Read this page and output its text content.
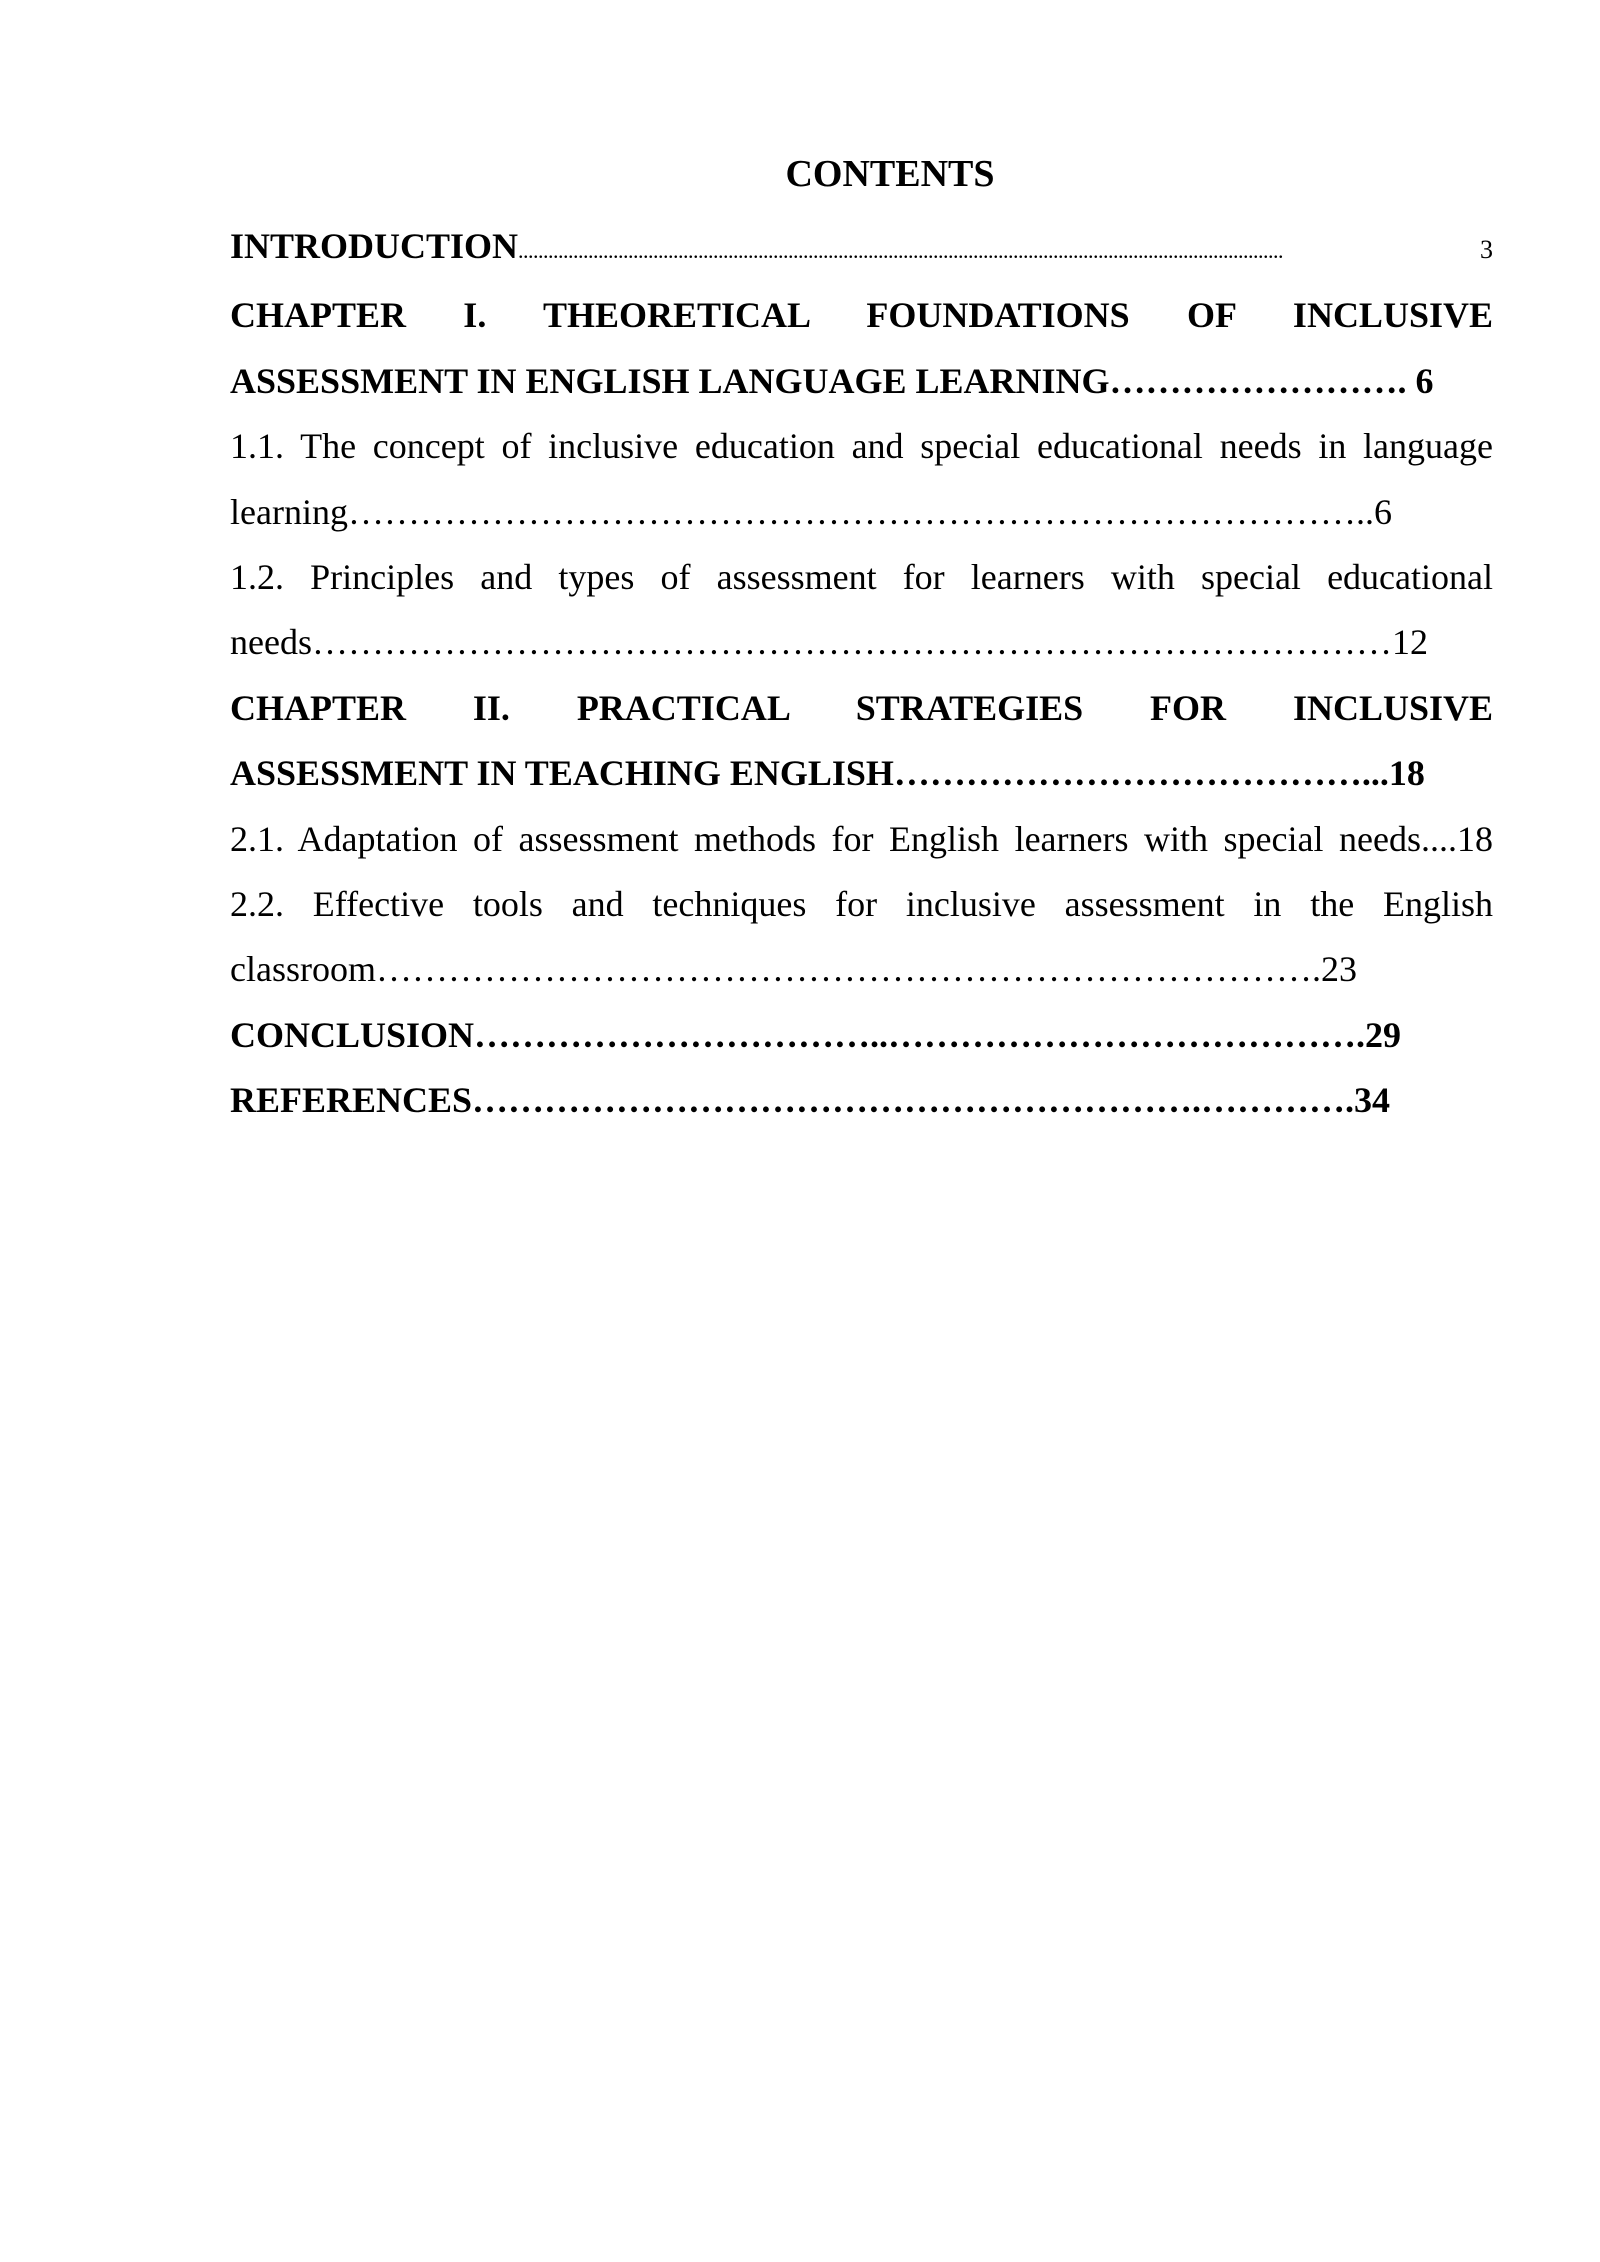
CONTENTS

INTRODUCTION .........................................................................................................................................................	3

CHAPTER I. THEORETICAL FOUNDATIONS OF INCLUSIVE

ASSESSMENT IN ENGLISH LANGUAGE LEARNING……………………. 6

1.1. The concept of inclusive education and special educational needs in language

learning…………………………………………………………………………..6

1.2. Principles and types of assessment for learners with special educational

needs………………………………………………………………………………12

CHAPTER II. PRACTICAL STRATEGIES FOR INCLUSIVE

ASSESSMENT IN TEACHING ENGLISH…………………………………...18

2.1. Adaptation of assessment methods for English learners with special needs....18

2.2. Effective tools and techniques for inclusive assessment in the English

classroom…………………………………………………………………….23

CONCLUSION……………………………..………………………………….29

REFERENCES…………………………………………………….………….34
